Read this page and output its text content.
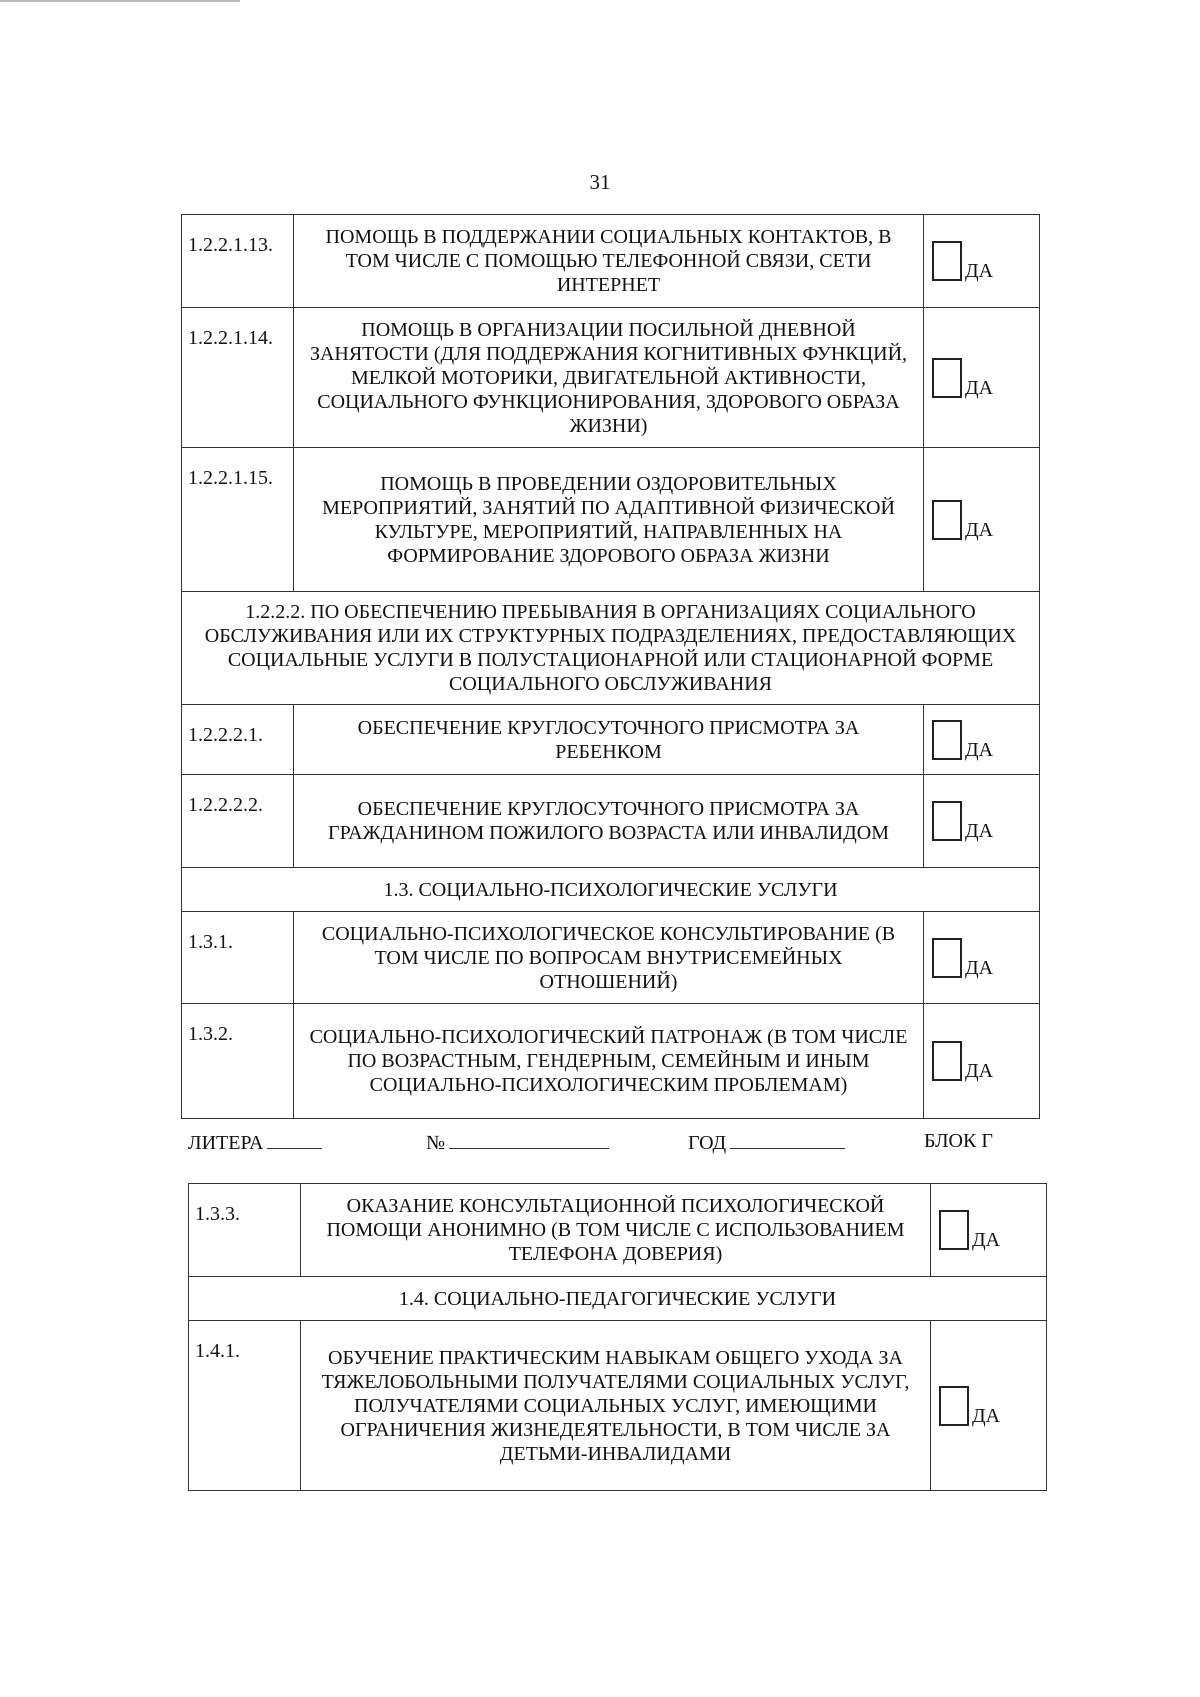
31
1.2.2.1.13.	ПОМОЩЬ В ПОДДЕРЖАНИИ СОЦИАЛЬНЫХ КОНТАКТОВ, В ТОМ ЧИСЛЕ С ПОМОЩЬЮ ТЕЛЕФОННОЙ СВЯЗИ, СЕТИ ИНТЕРНЕТ	ДА

1.2.2.1.14.	ПОМОЩЬ В ОРГАНИЗАЦИИ ПОСИЛЬНОЙ ДНЕВНОЙ ЗАНЯТОСТИ (ДЛЯ ПОДДЕРЖАНИЯ КОГНИТИВНЫХ ФУНКЦИЙ, МЕЛКОЙ МОТОРИКИ, ДВИГАТЕЛЬНОЙ АКТИВНОСТИ, СОЦИАЛЬНОГО ФУНКЦИОНИРОВАНИЯ, ЗДОРОВОГО ОБРАЗА ЖИЗНИ)	ДА

1.2.2.1.15.	ПОМОЩЬ В ПРОВЕДЕНИИ ОЗДОРОВИТЕЛЬНЫХ МЕРОПРИЯТИЙ, ЗАНЯТИЙ ПО АДАПТИВНОЙ ФИЗИЧЕСКОЙ КУЛЬТУРЕ, МЕРОПРИЯТИЙ, НАПРАВЛЕННЫХ НА ФОРМИРОВАНИЕ ЗДОРОВОГО ОБРАЗА ЖИЗНИ	ДА

1.2.2.2. ПО ОБЕСПЕЧЕНИЮ ПРЕБЫВАНИЯ В ОРГАНИЗАЦИЯХ СОЦИАЛЬНОГО ОБСЛУЖИВАНИЯ ИЛИ ИХ СТРУКТУРНЫХ ПОДРАЗДЕЛЕНИЯХ, ПРЕДОСТАВЛЯЮЩИХ СОЦИАЛЬНЫЕ УСЛУГИ В ПОЛУСТАЦИОНАРНОЙ ИЛИ СТАЦИОНАРНОЙ ФОРМЕ СОЦИАЛЬНОГО ОБСЛУЖИВАНИЯ		
1.2.2.2.1.	ОБЕСПЕЧЕНИЕ КРУГЛОСУТОЧНОГО ПРИСМОТРА ЗА РЕБЕНКОМ	ДА

1.2.2.2.2.	ОБЕСПЕЧЕНИЕ КРУГЛОСУТОЧНОГО ПРИСМОТРА ЗА ГРАЖДАНИНОМ ПОЖИЛОГО ВОЗРАСТА ИЛИ ИНВАЛИДОМ	ДА

1.3. СОЦИАЛЬНО-ПСИХОЛОГИЧЕСКИЕ УСЛУГИ		
1.3.1.	СОЦИАЛЬНО-ПСИХОЛОГИЧЕСКОЕ КОНСУЛЬТИРОВАНИЕ (В ТОМ ЧИСЛЕ ПО ВОПРОСАМ ВНУТРИСЕМЕЙНЫХ ОТНОШЕНИЙ)	ДА

1.3.2.	СОЦИАЛЬНО-ПСИХОЛОГИЧЕСКИЙ ПАТРОНАЖ (В ТОМ ЧИСЛЕ ПО ВОЗРАСТНЫМ, ГЕНДЕРНЫМ, СЕМЕЙНЫМ И ИНЫМ СОЦИАЛЬНО-ПСИХОЛОГИЧЕСКИМ ПРОБЛЕМАМ)	ДА
ЛИТЕРА	№	ГОД	БЛОК Г
1.3.3.	ОКАЗАНИЕ КОНСУЛЬТАЦИОННОЙ ПСИХОЛОГИЧЕСКОЙ ПОМОЩИ АНОНИМНО (В ТОМ ЧИСЛЕ С ИСПОЛЬЗОВАНИЕМ ТЕЛЕФОНА ДОВЕРИЯ)	ДА

1.4. СОЦИАЛЬНО-ПЕДАГОГИЧЕСКИЕ УСЛУГИ		
1.4.1.	ОБУЧЕНИЕ ПРАКТИЧЕСКИМ НАВЫКАМ ОБЩЕГО УХОДА ЗА ТЯЖЕЛОБОЛЬНЫМИ ПОЛУЧАТЕЛЯМИ СОЦИАЛЬНЫХ УСЛУГ, ПОЛУЧАТЕЛЯМИ СОЦИАЛЬНЫХ УСЛУГ, ИМЕЮЩИМИ ОГРАНИЧЕНИЯ ЖИЗНЕДЕЯТЕЛЬНОСТИ, В ТОМ ЧИСЛЕ ЗА ДЕТЬМИ-ИНВАЛИДАМИ	ДА
